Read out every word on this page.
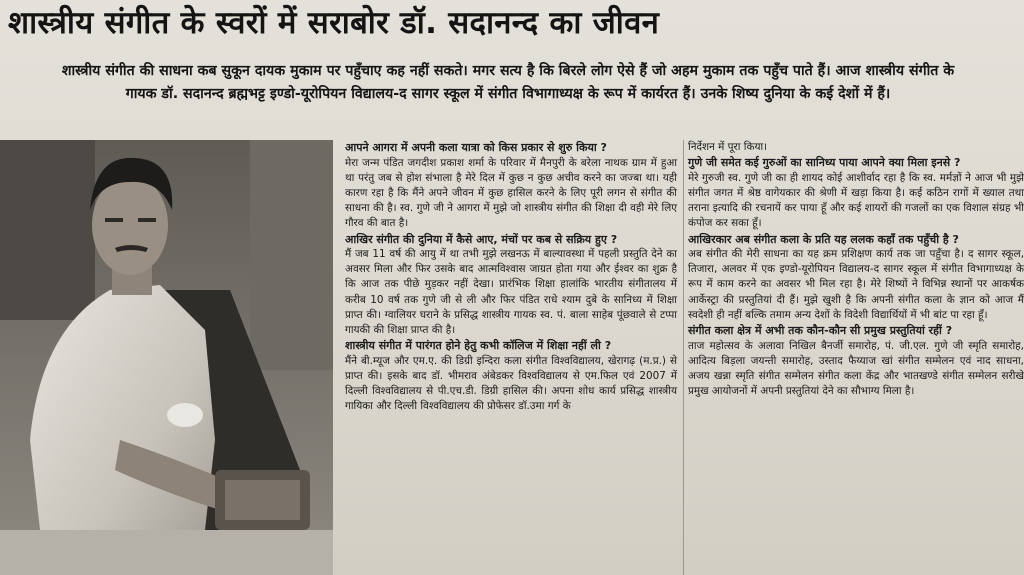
शास्त्रीय संगीत के स्वरों में सराबोर डॉ. सदानन्द का जीवन
शास्त्रीय संगीत की साधना कब सुकून दायक मुकाम पर पहुँचाए कह नहीं सकते। मगर सत्य है कि बिरले लोग ऐसे हैं जो अहम मुकाम तक पहुँच पाते हैं। आज शास्त्रीय संगीत के गायक डॉ. सदानन्द ब्रह्मभट्ट इण्डो-यूरोपियन विद्यालय-द सागर स्कूल में संगीत विभागाध्यक्ष के रूप में कार्यरत हैं। उनके शिष्य दुनिया के कई देशों में हैं।

आपने आगरा में अपनी कला यात्रा को किस प्रकार से शुरु किया ?

मेरा जन्म पंडित जगदीश प्रकाश शर्मा के परिवार में मैनपुरी के बरेला नाथक ग्राम में हुआ था परंतु जब से होश संभाला है मेरे दिल में कुछ न कुछ अचीव करने का जज्बा था। यही कारण रहा है कि मैंने अपने जीवन में कुछ हासिल करने के लिए पूरी लगन से संगीत की साधना की है। स्व. गुणे जी ने आगरा में मुझे जो शास्त्रीय संगीत की शिक्षा दी वही मेरे लिए गौरव की बात है।

आखिर संगीत की दुनिया में कैसे आए, मंचों पर कब से सक्रिय हुए ?

मैं जब 11 वर्ष की आयु में था तभी मुझे लखनऊ में बाल्यावस्था में पहली प्रस्तुति देने का अवसर मिला और फिर उसके बाद आत्मविश्वास जाग्रत होता गया और ईश्वर का शुक्र है कि आज तक पीछे मुड़कर नहीं देखा। प्रारंभिक शिक्षा हालांकि भारतीय संगीतालय में करीब 10 वर्ष तक गुणे जी से ली और फिर पंडित राधे श्याम दुबे के सानिध्य में शिक्षा प्राप्त की। ग्वालियर घराने के प्रसिद्ध शास्त्रीय गायक स्व. पं. बाला साहेब पूंछवाले से टप्पा गायकी की शिक्षा प्राप्त की है।

शास्त्रीय संगीत में पारंगत होने हेतु कभी कॉलिज में शिक्षा नहीं ली ?

मैंने बी.म्यूज और एम.ए. की डिग्री इन्दिरा कला संगीत विश्वविद्यालय, खेरागढ़ (म.प्र.) से प्राप्त की। इसके बाद डॉ. भीमराव अंबेडकर विश्वविद्यालय से एम.फिल एवं 2007 में दिल्ली विश्वविद्यालय से पी.एच.डी. डिग्री हासिल की। अपना शोध कार्य प्रसिद्ध शास्त्रीय गायिका और दिल्ली विश्वविद्यालय की प्रोफेसर डॉ.उमा गर्ग के

निर्देशन में पूरा किया।

गुणे जी समेत कई गुरुओं का सानिध्य पाया आपने क्या मिला इनसे ?

मेरे गुरुजी स्व. गुणे जी का ही शायद कोई आशीर्वाद रहा है कि स्व. मर्मज्ञों ने आज भी मुझे संगीत जगत में श्रेष्ठ वागेयकार की श्रेणी में खड़ा किया है। कई कठिन रागों में ख्याल तथा तराना इत्यादि की रचनायें कर पाया हूँ और कई शायरों की गजलों का एक विशाल संग्रह भी कंपोज कर सका हूँ।

आखिरकार अब संगीत कला के प्रति यह ललक कहाँ तक पहुँची है ?

अब संगीत की मेरी साधना का यह क्रम प्रशिक्षण कार्य तक जा पहुँचा है। द सागर स्कूल, तिजारा, अलवर में एक इण्डो-यूरोपियन विद्यालय-द सागर स्कूल में संगीत विभागाध्यक्ष के रूप में काम करने का अवसर भी मिल रहा है। मेरे शिष्यों ने विभिन्न स्थानों पर आकर्षक आर्केस्ट्रा की प्रस्तुतियां दी हैं। मुझे खुशी है कि अपनी संगीत कला के ज्ञान को आज मैं स्वदेशी ही नहीं बल्कि तमाम अन्य देशों के विदेशी विद्यार्थियों में भी बांट पा रहा हूँ।

संगीत कला क्षेत्र में अभी तक कौन-कौन सी प्रमुख प्रस्तुतियां रहीं ?

ताज महोत्सव के अलावा निखिल बैनर्जी समारोह, पं. जी.एल. गुणे जी स्मृति समारोह, आदित्य बिड़ला जयन्ती समारोह, उस्ताद फैय्याज खां संगीत सम्मेलन एवं नाद साधना, अजय खन्ना स्मृति संगीत सम्मेलन संगीत कला केंद्र और भातखण्डे संगीत सम्मेलन सरीखे प्रमुख आयोजनों में अपनी प्रस्तुतियां देने का सौभाग्य मिला है।
